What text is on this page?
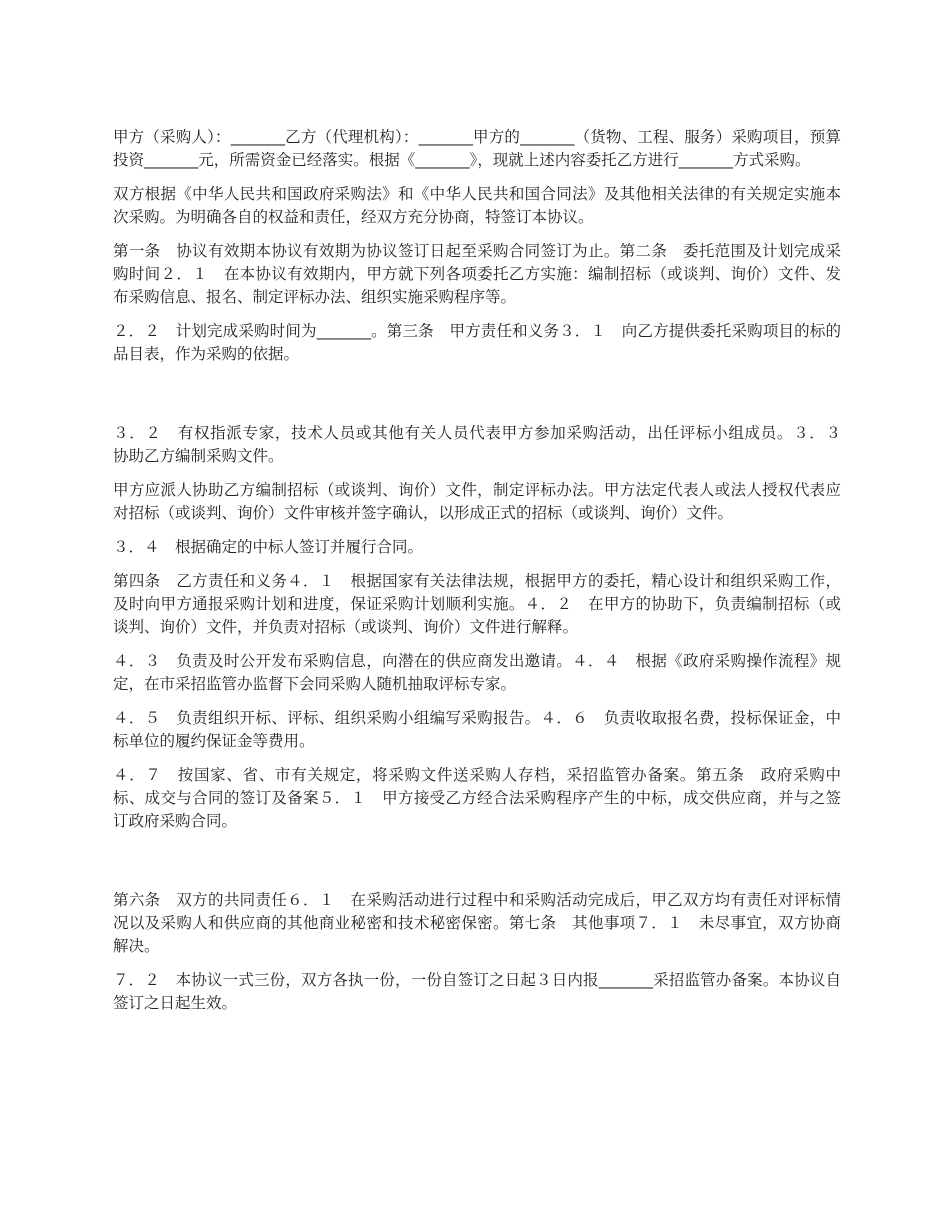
甲方（采购人）：_______乙方（代理机构）：_______甲方的_______（货物、工程、服务）采购项目，预算投资_______元，所需资金已经落实。根据《_______》，现就上述内容委托乙方进行_______方式采购。

双方根据《中华人民共和国政府采购法》和《中华人民共和国合同法》及其他相关法律的有关规定实施本次采购。为明确各自的权益和责任，经双方充分协商，特签订本协议。

第一条　协议有效期本协议有效期为协议签订日起至采购合同签订为止。第二条　委托范围及计划完成采购时间２．１　在本协议有效期内，甲方就下列各项委托乙方实施：编制招标（或谈判、询价）文件、发布采购信息、报名、制定评标办法、组织实施采购程序等。

２．２　计划完成采购时间为_______。第三条　甲方责任和义务３．１　向乙方提供委托采购项目的标的品目表，作为采购的依据。

３．２　有权指派专家，技术人员或其他有关人员代表甲方参加采购活动，出任评标小组成员。３．３　协助乙方编制采购文件。

甲方应派人协助乙方编制招标（或谈判、询价）文件，制定评标办法。甲方法定代表人或法人授权代表应对招标（或谈判、询价）文件审核并签字确认，以形成正式的招标（或谈判、询价）文件。

３．４　根据确定的中标人签订并履行合同。

第四条　乙方责任和义务４．１　根据国家有关法律法规，根据甲方的委托，精心设计和组织采购工作，及时向甲方通报采购计划和进度，保证采购计划顺利实施。４．２　在甲方的协助下，负责编制招标（或谈判、询价）文件，并负责对招标（或谈判、询价）文件进行解释。

４．３　负责及时公开发布采购信息，向潜在的供应商发出邀请。４．４　根据《政府采购操作流程》规定，在市采招监管办监督下会同采购人随机抽取评标专家。

４．５　负责组织开标、评标、组织采购小组编写采购报告。４．６　负责收取报名费，投标保证金，中标单位的履约保证金等费用。

４．７　按国家、省、市有关规定，将采购文件送采购人存档，采招监管办备案。第五条　政府采购中标、成交与合同的签订及备案５．１　甲方接受乙方经合法采购程序产生的中标，成交供应商，并与之签订政府采购合同。

第六条　双方的共同责任６．１　在采购活动进行过程中和采购活动完成后，甲乙双方均有责任对评标情况以及采购人和供应商的其他商业秘密和技术秘密保密。第七条　其他事项７．１　未尽事宜，双方协商解决。

７．２　本协议一式三份，双方各执一份，一份自签订之日起３日内报_______采招监管办备案。本协议自签订之日起生效。
